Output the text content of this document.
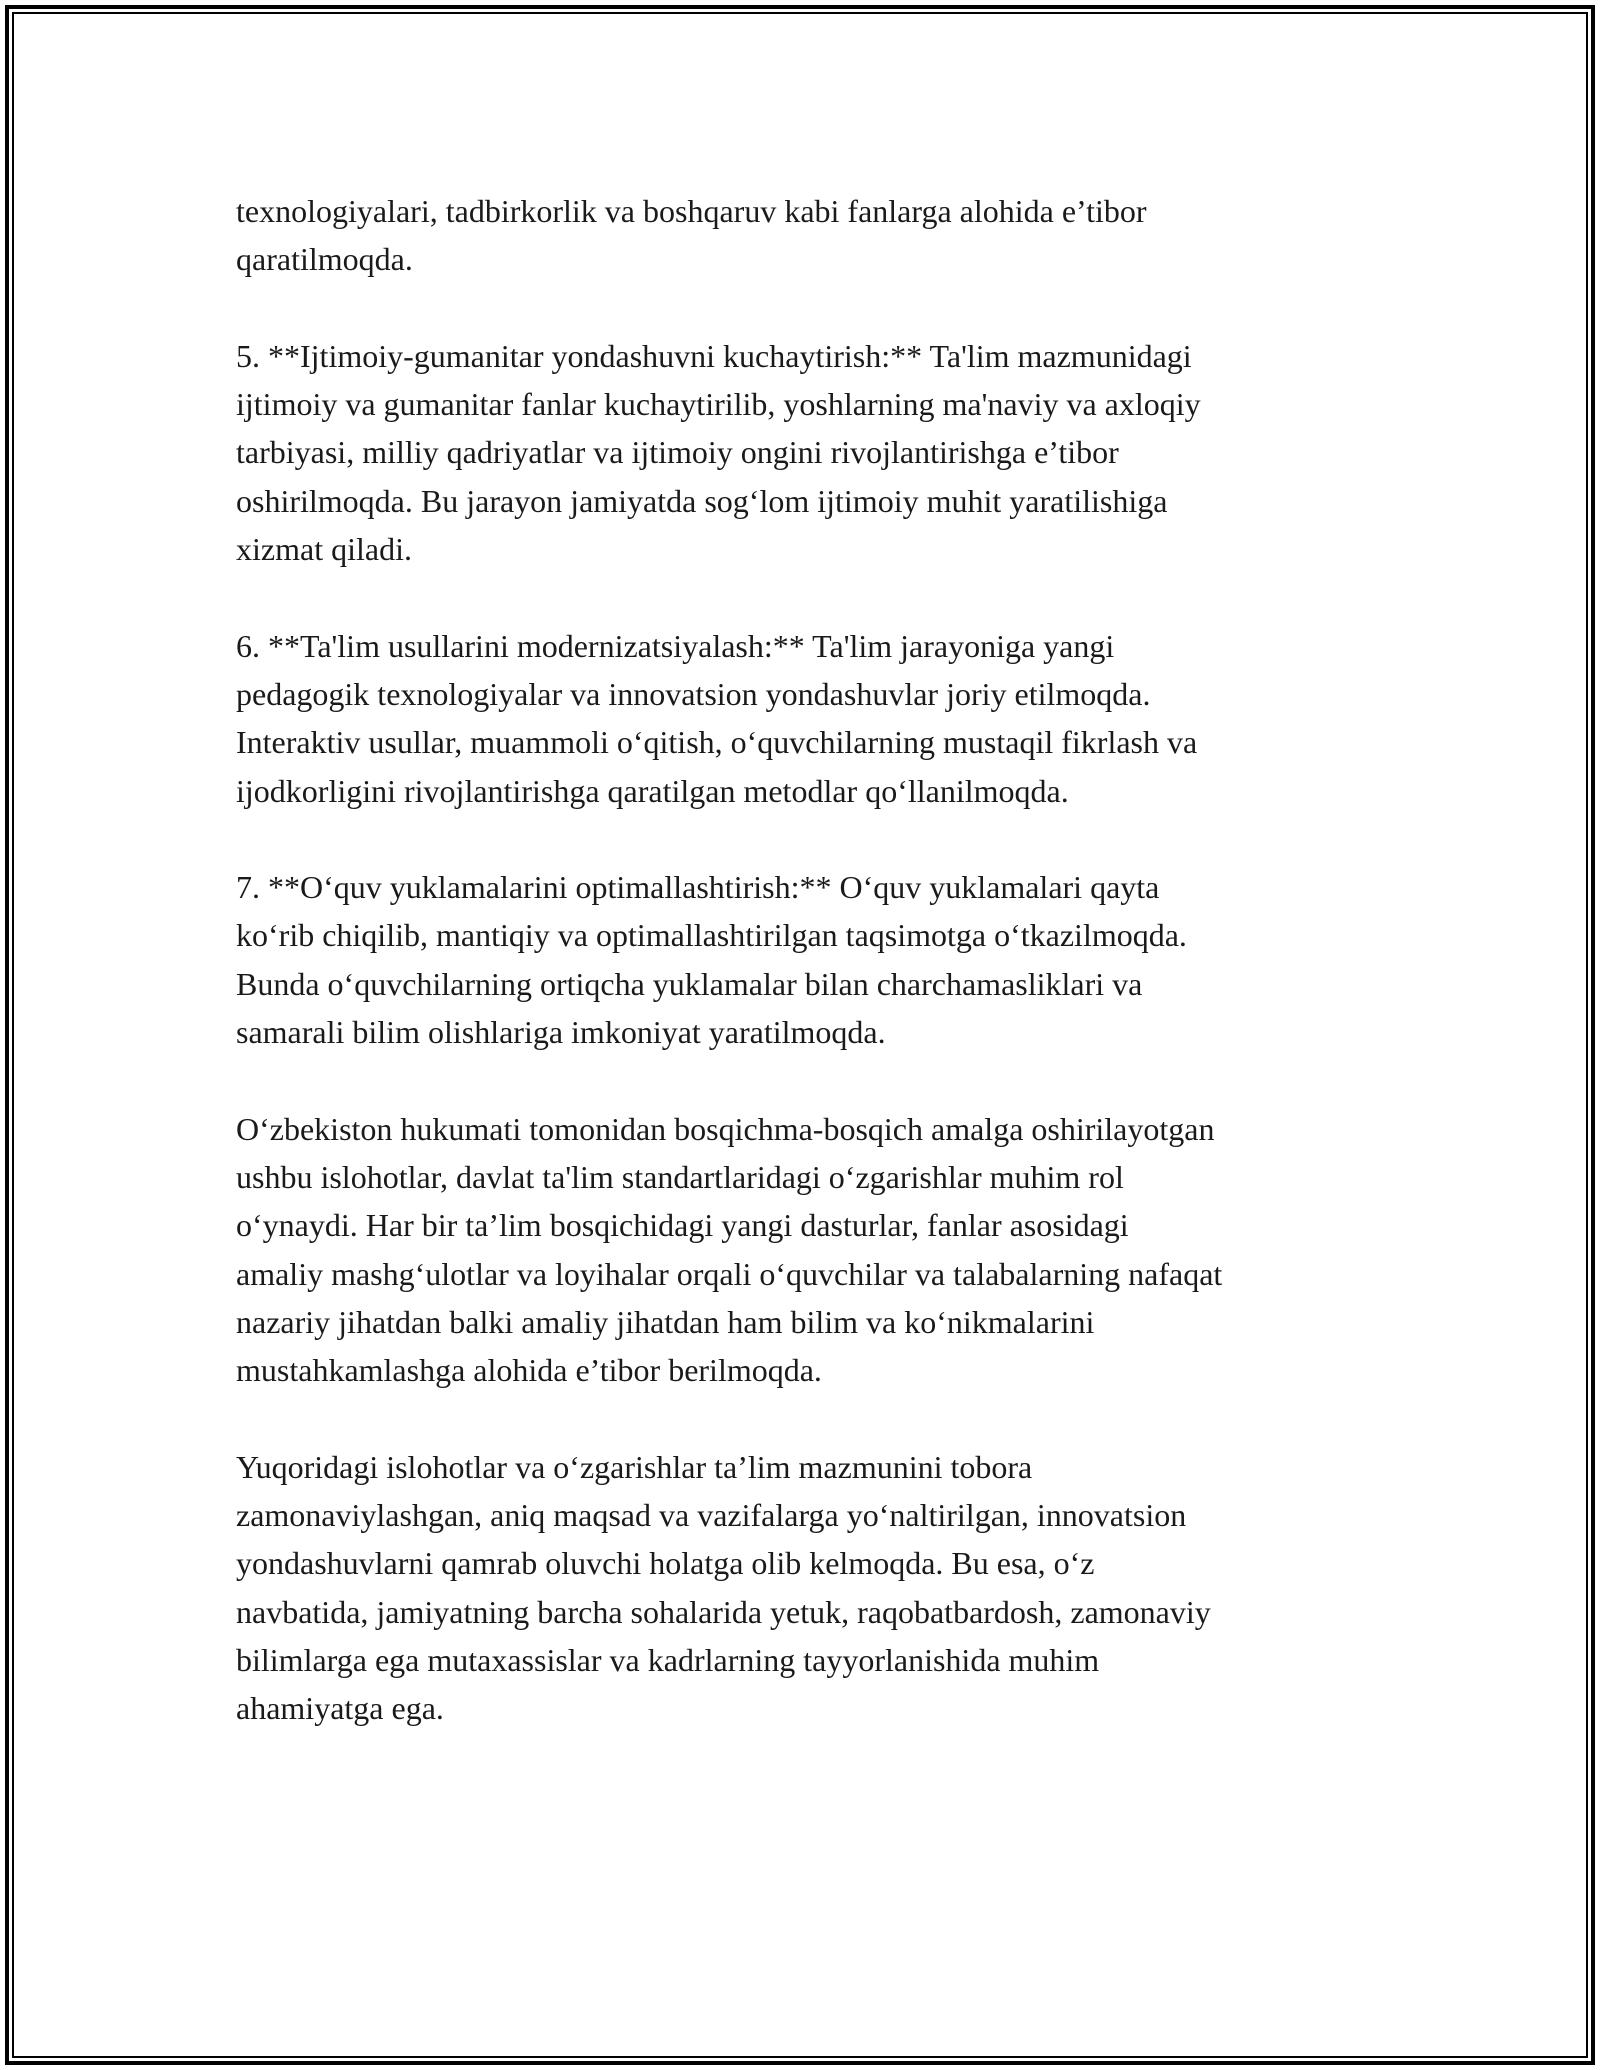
texnologiyalari, tadbirkorlik va boshqaruv kabi fanlarga alohida e’tibor
qaratilmoqda.

5. **Ijtimoiy-gumanitar yondashuvni kuchaytirish:** Ta'lim mazmunidagi
ijtimoiy va gumanitar fanlar kuchaytirilib, yoshlarning ma'naviy va axloqiy
tarbiyasi, milliy qadriyatlar va ijtimoiy ongini rivojlantirishga e’tibor
oshirilmoqda. Bu jarayon jamiyatda sog‘lom ijtimoiy muhit yaratilishiga
xizmat qiladi.

6. **Ta'lim usullarini modernizatsiyalash:** Ta'lim jarayoniga yangi
pedagogik texnologiyalar va innovatsion yondashuvlar joriy etilmoqda.
Interaktiv usullar, muammoli o‘qitish, o‘quvchilarning mustaqil fikrlash va
ijodkorligini rivojlantirishga qaratilgan metodlar qo‘llanilmoqda.

7. **O‘quv yuklamalarini optimallashtirish:** O‘quv yuklamalari qayta
ko‘rib chiqilib, mantiqiy va optimallashtirilgan taqsimotga o‘tkazilmoqda.
Bunda o‘quvchilarning ortiqcha yuklamalar bilan charchamasliklari va
samarali bilim olishlariga imkoniyat yaratilmoqda.

O‘zbekiston hukumati tomonidan bosqichma-bosqich amalga oshirilayotgan
ushbu islohotlar, davlat ta'lim standartlaridagi o‘zgarishlar muhim rol
o‘ynaydi. Har bir ta’lim bosqichidagi yangi dasturlar, fanlar asosidagi
amaliy mashg‘ulotlar va loyihalar orqali o‘quvchilar va talabalarning nafaqat
nazariy jihatdan balki amaliy jihatdan ham bilim va ko‘nikmalarini
mustahkamlashga alohida e’tibor berilmoqda.

Yuqoridagi islohotlar va o‘zgarishlar ta’lim mazmunini tobora
zamonaviylashgan, aniq maqsad va vazifalarga yo‘naltirilgan, innovatsion
yondashuvlarni qamrab oluvchi holatga olib kelmoqda. Bu esa, o‘z
navbatida, jamiyatning barcha sohalarida yetuk, raqobatbardosh, zamonaviy
bilimlarga ega mutaxassislar va kadrlarning tayyorlanishida muhim
ahamiyatga ega.
